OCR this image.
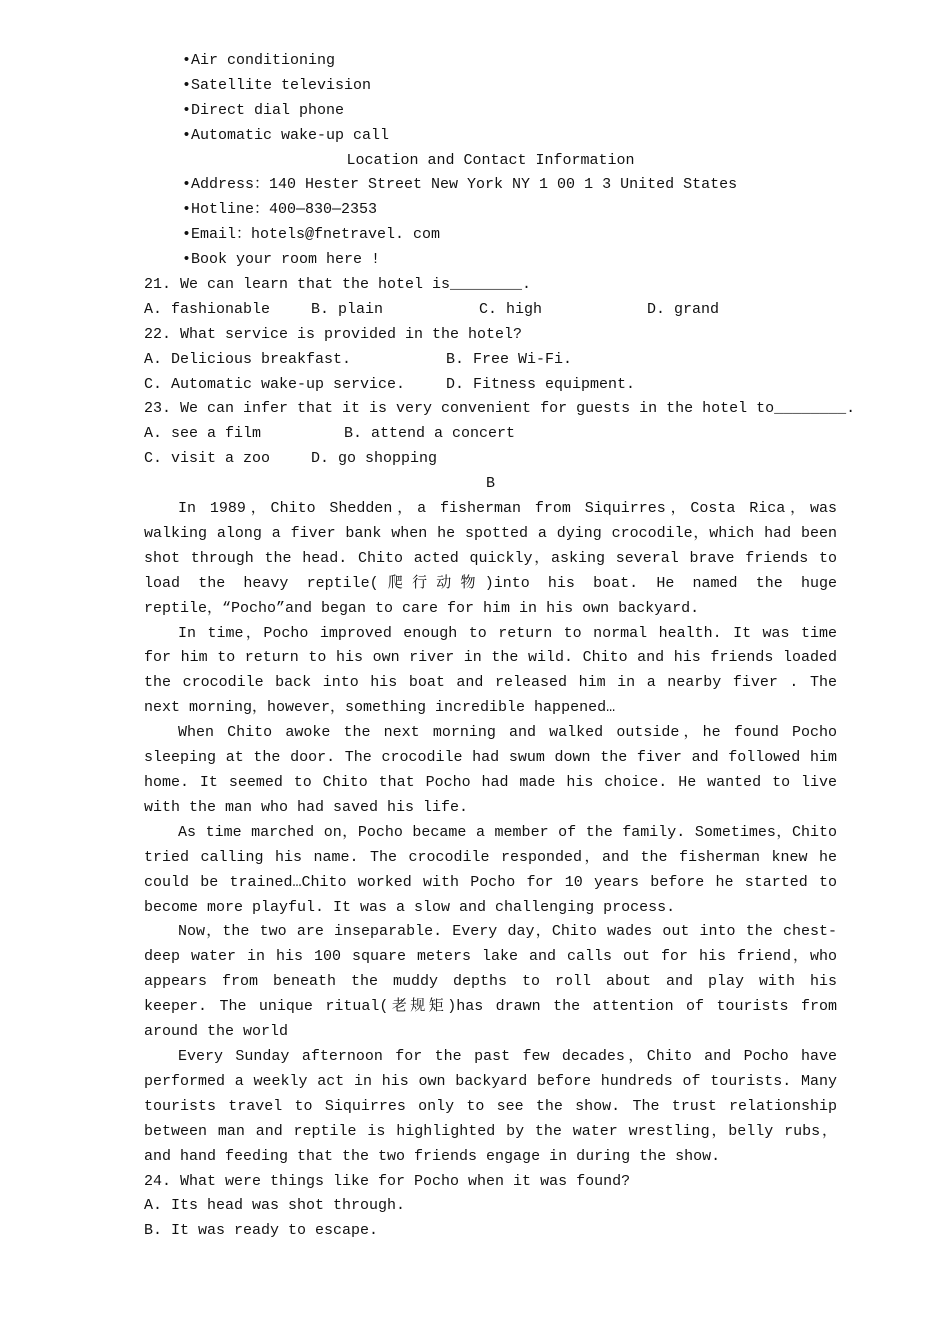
•Air conditioning
•Satellite television
•Direct dial phone
•Automatic wake-up call
Location and Contact Information
•Address：140 Hester Street New York NY 1 00 1 3 United States
•Hotline：400—830—2353
•Email：hotels@fnetravel. com
•Book your room here !
21. We can learn that the hotel is________.
A. fashionable	B. plain	C. high	D. grand
22. What service is provided in the hotel?
A. Delicious breakfast.	B. Free Wi-Fi.
C. Automatic wake-up service.	D. Fitness equipment.
23. We can infer that it is very convenient for guests in the hotel to________.
A. see a film	B. attend a concert
C. visit a zoo	D. go shopping
B

In 1989，Chito Shedden，a fisherman from Siquirres，Costa Rica，was walking along a fiver bank when he spotted a dying crocodile，which had been shot through the head. Chito acted quickly，asking several brave friends to load the heavy reptile(爬行动物)into his boat. He named the huge reptile，“Pocho”and began to care for him in his own backyard.

In time，Pocho improved enough to return to normal health. It was time for him to return to his own river in the wild. Chito and his friends loaded the crocodile back into his boat and released him in a nearby fiver . The next morning，however，something incredible happened…

When Chito awoke the next morning and walked outside，he found Pocho sleeping at the door. The crocodile had swum down the fiver and followed him home. It seemed to Chito that Pocho had made his choice. He wanted to live with the man who had saved his life.

As time marched on，Pocho became a member of the family. Sometimes，Chito tried calling his name. The crocodile responded，and the fisherman knew he could be trained…Chito worked with Pocho for 10 years before he started to become more playful. It was a slow and challenging process.

Now，the two are inseparable. Every day，Chito wades out into the chest-deep water in his 100 square meters lake and calls out for his friend，who appears from beneath the muddy depths to roll about and play with his keeper. The unique ritual(老规矩)has drawn the attention of tourists from around the world

Every Sunday afternoon for the past few decades，Chito and Pocho have performed a weekly act in his own backyard before hundreds of tourists. Many tourists travel to Siquirres only to see the show. The trust relationship between man and reptile is highlighted by the water wrestling，belly rubs，and hand feeding that the two friends engage in during the show.

24. What were things like for Pocho when it was found?
A. Its head was shot through.
B. It was ready to escape.
